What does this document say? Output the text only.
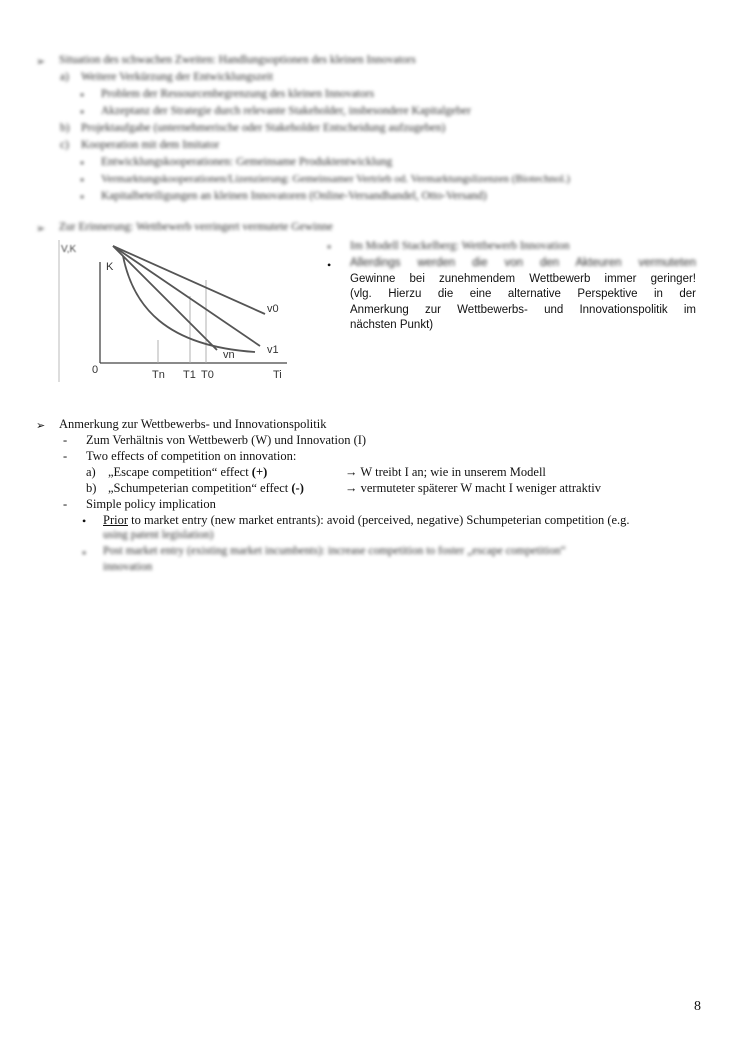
➢ Situation des schwachen Zweiten: Handlungsoptionen des kleinen Innovators
a) Weitere Verkürzung der Entwicklungszeit
• Problem der Ressourcenbegrenzung des kleinen Innovators
• Akzeptanz der Strategie durch relevante Stakeholder, insbesondere Kapitalgeber
b) Projektaufgabe (unternehmerische oder Stakeholder Entscheidung aufzugeben)
c) Kooperation mit dem Imitator
• Entwicklungskooperationen: Gemeinsame Produktentwicklung
• Vermarktungskooperationen/Lizenzierung: Gemeinsamer Vertrieb od. Vermarktungslizenzen (Biotechnol.)
• Kapitalbeteiligungen an kleinen Innovatoren (Online-Versandhandel, Otto-Versand)
➢ Zur Erinnerung: Wettbewerb verringert vermutete Gewinne
V,K
K
v0
v1
vn
0	Tn T1 T0	Ti
• Im Modell Stackelberg: Wettbewerb Innovation
• Allerdings werden die von den Akteuren vermuteten
Gewinne bei zunehmendem Wettbewerb immer geringer!
(vlg. Hierzu die eine alternative Perspektive in der
Anmerkung zur Wettbewerbs- und Innovationspolitik im
nächsten Punkt)
➢ Anmerkung zur Wettbewerbs- und Innovationspolitik
- Zum Verhältnis von Wettbewerb (W) und Innovation (I)
- Two effects of competition on innovation:
a) „Escape competition“ effect (+)	→ W treibt I an; wie in unserem Modell
b) „Schumpeterian competition“ effect (-)	→ vermuteter späterer W macht I weniger attraktiv
- Simple policy implication
• Prior to market entry (new market entrants): avoid (perceived, negative) Schumpeterian competition (e.g.
using patent legislation)
• Post market entry (existing market incumbents): increase competition to foster „escape competition“
innovation
8
